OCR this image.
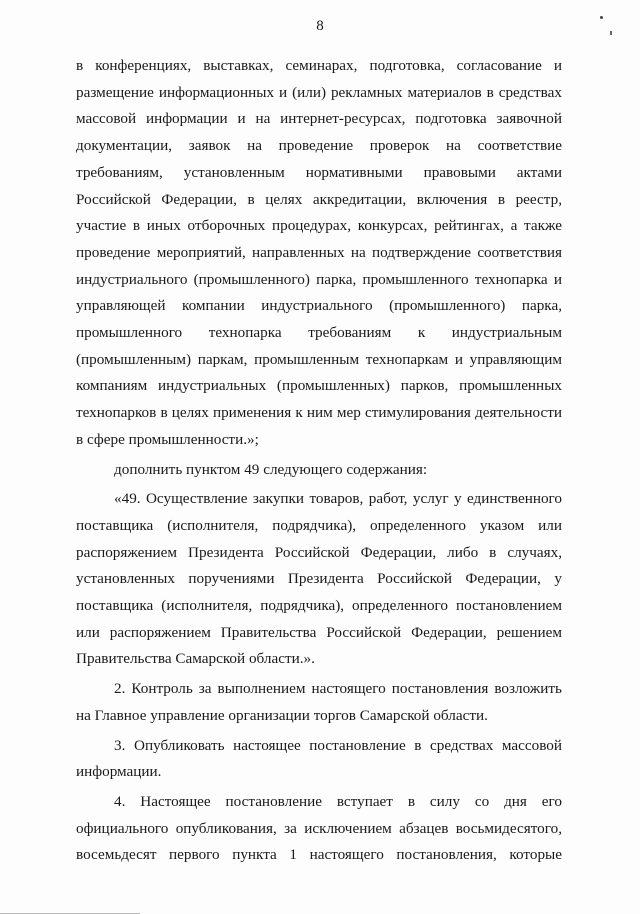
8

в конференциях, выставках, семинарах, подготовка, согласование и

размещение информационных и (или) рекламных материалов в средствах

массовой информации и на интернет-ресурсах, подготовка заявочной

документации, заявок на проведение проверок на соответствие

требованиям, установленным нормативными правовыми актами

Российской Федерации, в целях аккредитации, включения в реестр,

участие в иных отборочных процедурах, конкурсах, рейтингах, а также

проведение мероприятий, направленных на подтверждение соответствия

индустриального (промышленного) парка, промышленного технопарка и

управляющей компании индустриального (промышленного) парка,

промышленного технопарка требованиям к индустриальным

(промышленным) паркам, промышленным технопаркам и управляющим

компаниям индустриальных (промышленных) парков, промышленных

технопарков в целях применения к ним мер стимулирования деятельности

в сфере промышленности.»;

дополнить пунктом 49 следующего содержания:

«49. Осуществление закупки товаров, работ, услуг у единственного

поставщика (исполнителя, подрядчика), определенного указом или

распоряжением Президента Российской Федерации, либо в случаях,

установленных поручениями Президента Российской Федерации, у

поставщика (исполнителя, подрядчика), определенного постановлением

или распоряжением Правительства Российской Федерации, решением

Правительства Самарской области.».

2. Контроль за выполнением настоящего постановления возложить

на Главное управление организации торгов Самарской области.

3. Опубликовать настоящее постановление в средствах массовой

информации.

4. Настоящее постановление вступает в силу со дня его

официального опубликования, за исключением абзацев восьмидесятого,

восемьдесят первого пункта 1 настоящего постановления, которые
